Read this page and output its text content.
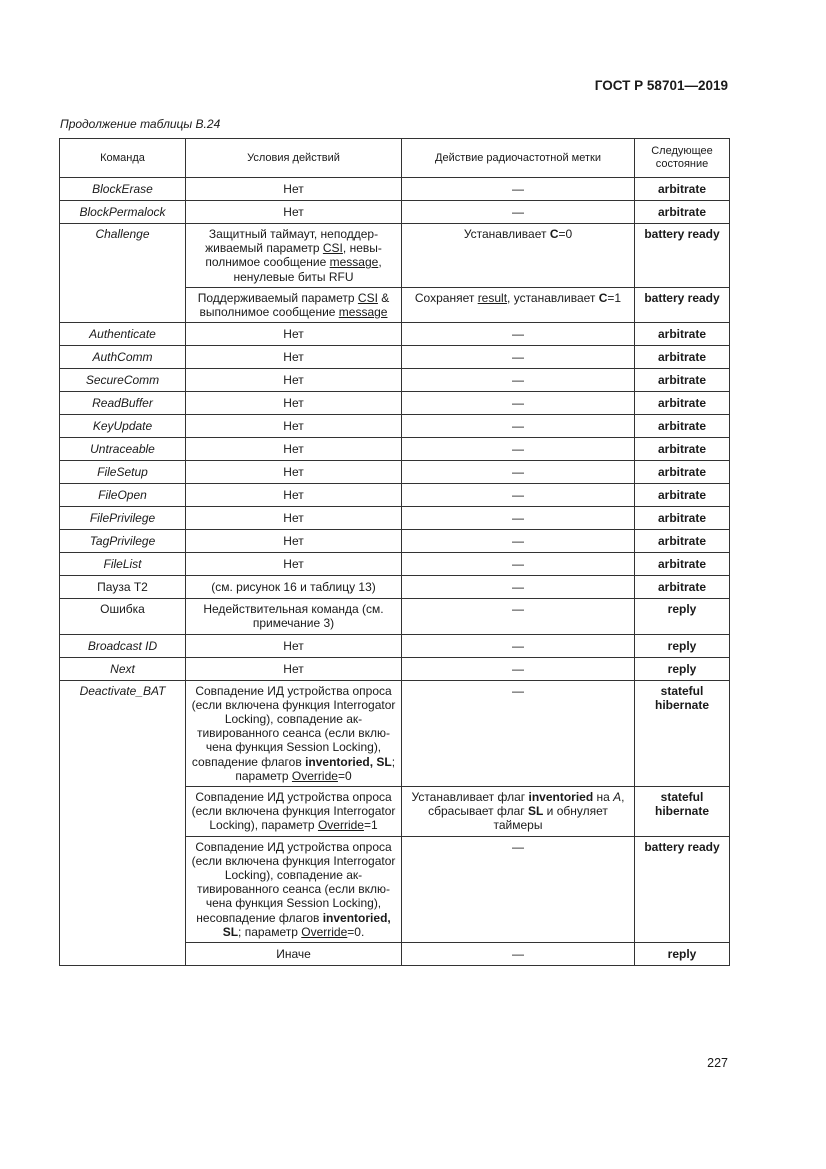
ГОСТ Р 58701—2019
Продолжение таблицы В.24
Команда	Условия действий	Действие радиочастотной метки	Следующее состояние
BlockErase	Нет	—	arbitrate
BlockPermalock	Нет	—	arbitrate
Challenge	Защитный таймаут, неподдер-живаемый параметр CSI, невы-полнимое сообщение message, ненулевые биты RFU	Устанавливает C=0	battery ready
	Поддерживаемый параметр CSI & выполнимое сообщение message	Сохраняет result, устанавливает C=1	battery ready
Authenticate	Нет	—	arbitrate
AuthComm	Нет	—	arbitrate
SecureComm	Нет	—	arbitrate
ReadBuffer	Нет	—	arbitrate
KeyUpdate	Нет	—	arbitrate
Untraceable	Нет	—	arbitrate
FileSetup	Нет	—	arbitrate
FileOpen	Нет	—	arbitrate
FilePrivilege	Нет	—	arbitrate
TagPrivilege	Нет	—	arbitrate
FileList	Нет	—	arbitrate
Пауза T2	(см. рисунок 16 и таблицу 13)	—	arbitrate
Ошибка	Недействительная команда (см. примечание 3)	—	reply
Broadcast ID	Нет	—	reply
Next	Нет	—	reply
Deactivate_BAT	Совпадение ИД устройства опроса (если включена функция Interrogator Locking), совпадение ак-тивированного сеанса (если вклю-чена функция Session Locking), совпадение флагов inventoried, SL; параметр Override=0	—	stateful hibernate
	Совпадение ИД устройства опроса (если включена функция Interrogator Locking), параметр Override=1	Устанавливает флаг inventoried на A, сбрасывает флаг SL и обнуляет таймеры	stateful hibernate
	Совпадение ИД устройства опроса (если включена функция Interrogator Locking), совпадение ак-тивированного сеанса (если вклю-чена функция Session Locking), несовпадение флагов inventoried, SL; параметр Override=0.	—	battery ready
	Иначе	—	reply
227
